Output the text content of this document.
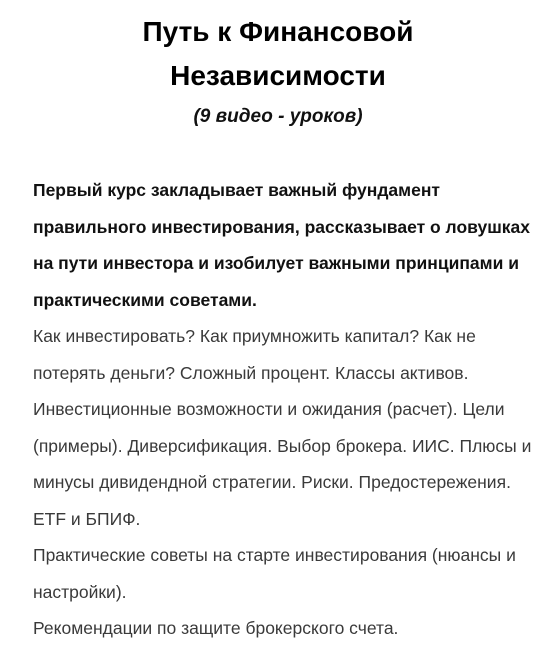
Путь к Финансовой
Независимости
(9 видео - уроков)

Первый курс закладывает важный фундамент правильного инвестирования, рассказывает о ловушках на пути инвестора и изобилует важными принципами и практическими советами.

Как инвестировать? Как приумножить капитал? Как не потерять деньги? Сложный процент. Классы активов. Инвестиционные возможности и ожидания (расчет). Цели (примеры). Диверсификация. Выбор брокера. ИИС. Плюсы и минусы дивидендной стратегии. Риски. Предостережения. ETF и БПИФ.

Практические советы на старте инвестирования (нюансы и настройки).

Рекомендации по защите брокерского счета.
